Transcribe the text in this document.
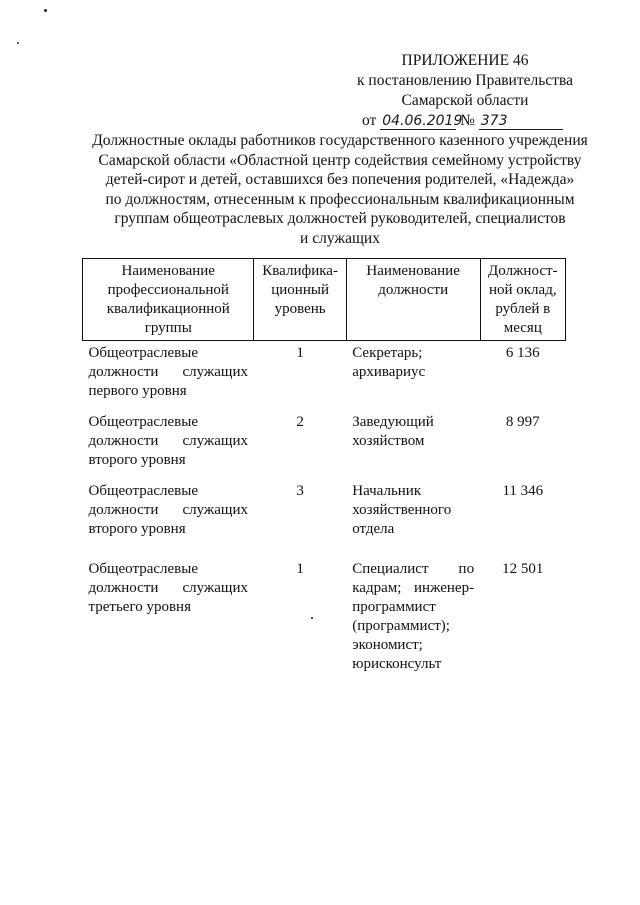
ПРИЛОЖЕНИЕ 46
к постановлению Правительства
Самарской области
от 04.06.2019 № 373
Должностные оклады работников государственного казенного учреждения
Самарской области «Областной центр содействия семейному устройству
детей-сирот и детей, оставшихся без попечения родителей, «Надежда»
по должностям, отнесенным к профессиональным квалификационным
группам общеотраслевых должностей руководителей, специалистов
и служащих
Наименование профессиональной квалификационной группы	Квалифика-ционный уровень	Наименование должности	Должност-ной оклад, рублей в месяц
Общеотраслевые должности служащих первого уровня	1	Секретарь; архивариус	6 136
Общеотраслевые должности служащих второго уровня	2	Заведующий хозяйством	8 997
Общеотраслевые должности служащих второго уровня	3	Начальник хозяйственного отдела	11 346
Общеотраслевые должности служащих третьего уровня	1	Специалист по кадрам; инженер-программист (программист); экономист; юрисконсульт	12 501
